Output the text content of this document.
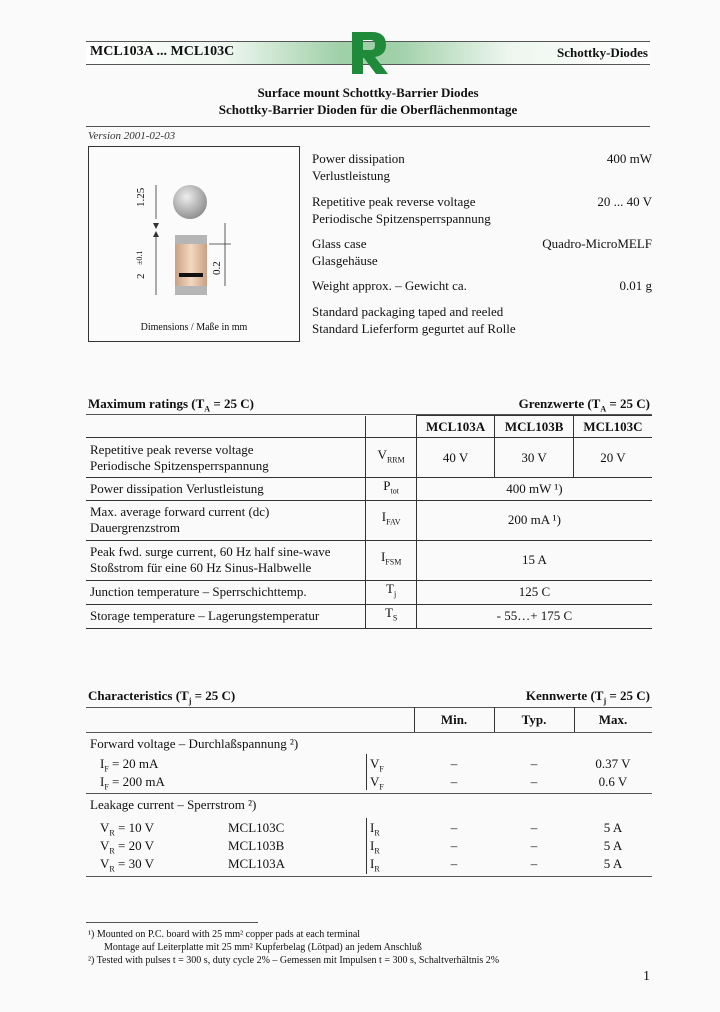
MCL103A ... MCL103C	Schottky-Diodes
Surface mount Schottky-Barrier Diodes
Schottky-Barrier Dioden für die Oberflächenmontage
Version 2001-02-03
1.25
2
±0.1
0.2
Dimensions / Maße in mm
Power dissipation
Verlustleistung
400 mW
Repetitive peak reverse voltage
Periodische Spitzensperrspannung
20 ... 40 V
Glass case
Glasgehäuse
Quadro-MicroMELF
Weight approx. – Gewicht ca.	0.01 g
Standard packaging taped and reeled
Standard Lieferform gegurtet auf Rolle
Maximum ratings ($T_A = 25$ C)	Grenzwerte ($T_A = 25$ C)
		MCL103A	MCL103B	MCL103C

Repetitive peak reverse voltage
Periodische Spitzensperrspannung	$V_{RRM}$	40 V	30 V	20 V
Power dissipation Verlustleistung	$P_{tot}$	400 mW ¹)		

Max. average forward current (dc)
Dauergrenzstrom	$I_{FAV}$	200 mA ¹)		

Peak fwd. surge current, 60 Hz half sine-wave
Stoßstrom für eine 60 Hz Sinus-Halbwelle	$I_{FSM}$	15 A		
Junction temperature – Sperrschichttemp.	$T_j$	125 C		
Storage temperature – Lagerungstemperatur	$T_S$	- 55…+ 175 C		
Characteristics ($T_j = 25$ C)	Kennwerte ($T_j = 25$ C)
Min.	Typ.	Max.
Forward voltage – Durchlaßspannung ²)
$I_F = 20$ mA	$V_F$	–	–	0.37 V
$I_F = 200$ mA	$V_F$	–	–	0.6 V
Leakage current – Sperrstrom ²)
$V_R = 10$ V	MCL103C	$I_R$	–	–	5 A
$V_R = 20$ V	MCL103B	$I_R$	–	–	5 A
$V_R = 30$ V	MCL103A	$I_R$	–	–	5 A
¹) Mounted on P.C. board with 25 mm² copper pads at each terminal
Montage auf Leiterplatte mit 25 mm² Kupferbelag (Lötpad) an jedem Anschluß
²) Tested with pulses t = 300 s, duty cycle 2% – Gemessen mit Impulsen t = 300 s, Schaltverhältnis 2%
1
